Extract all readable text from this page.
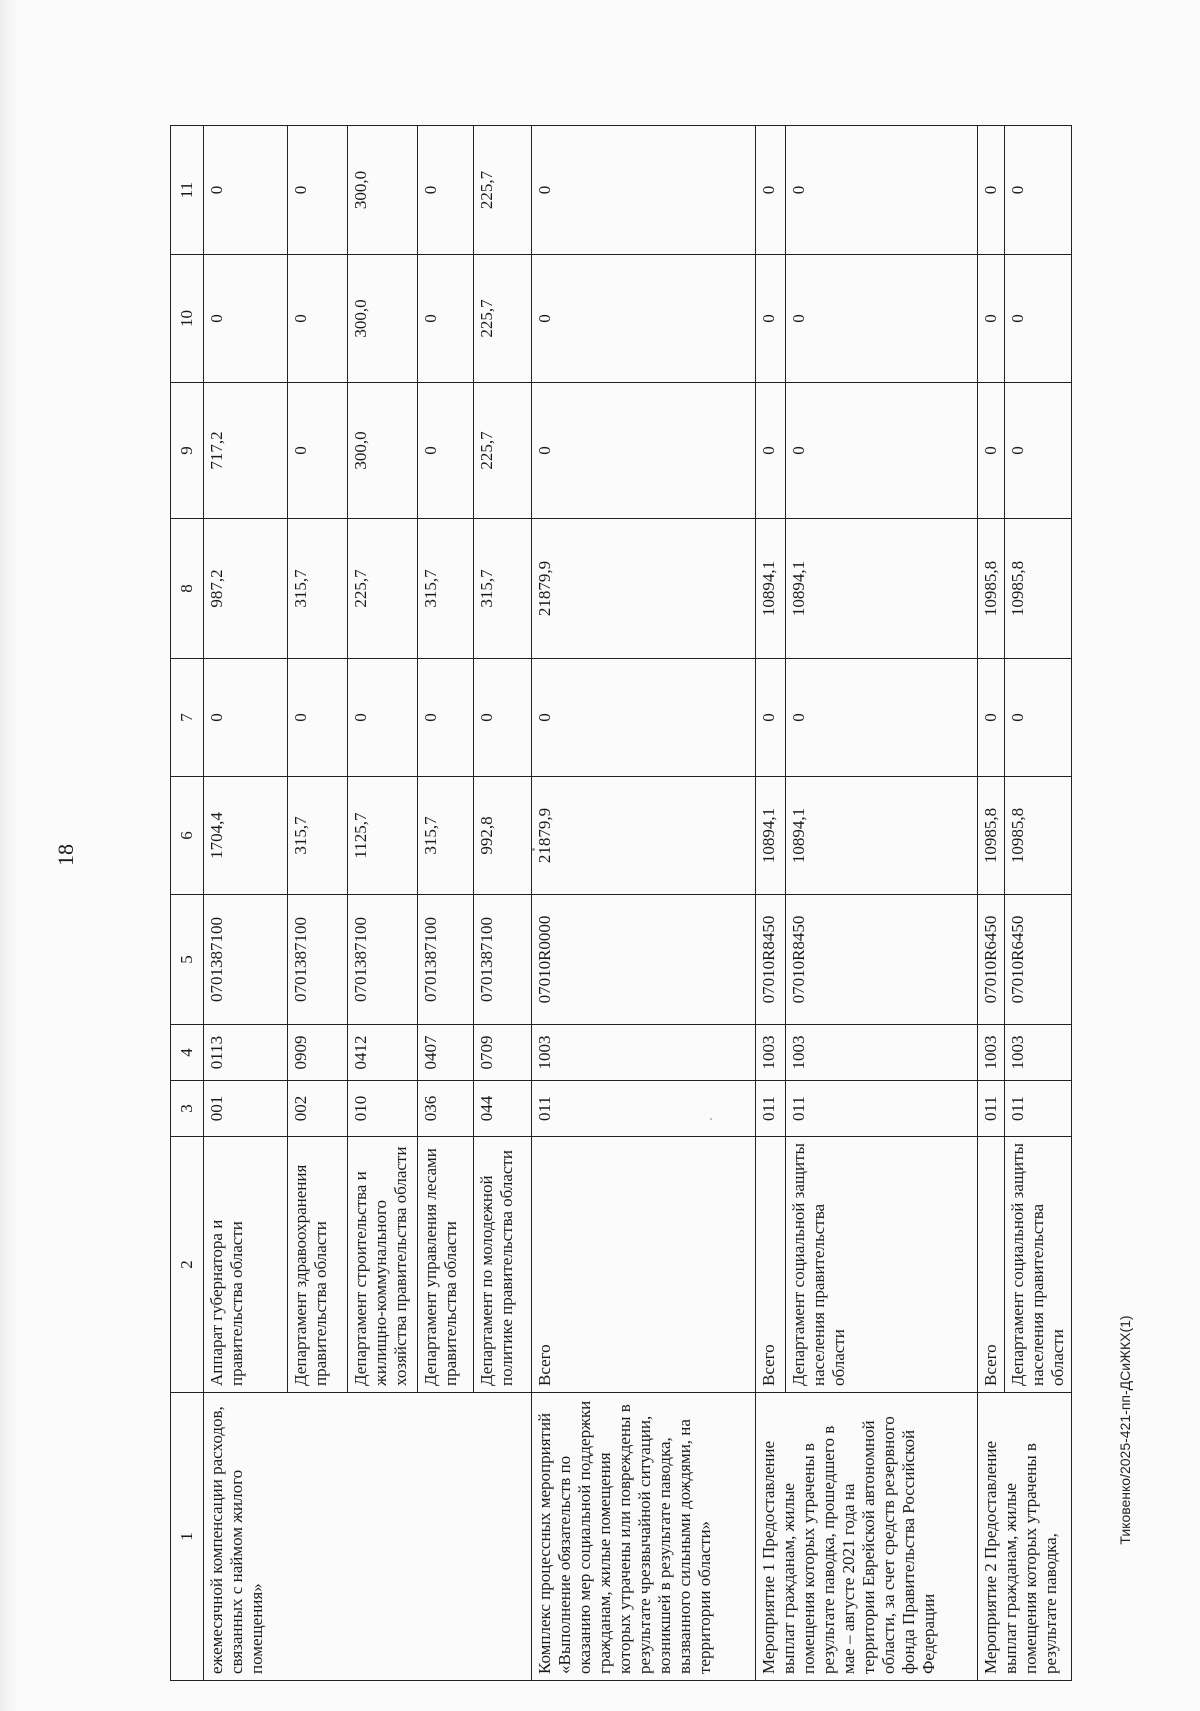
18
1	2	3	4	5	6	7	8	9	10	11
ежемесячной компенсации расходов, связанных с наймом жилого помещения»	Аппарат губернатора и правительства области	001	0113	0701387100	1704,4	0	987,2	717,2	0	0
	Департамент здравоохранения правительства области	002	0909	0701387100	315,7	0	315,7	0	0	0
	Департамент строительства и жилищно-коммунального хозяйства правительства области	010	0412	0701387100	1125,7	0	225,7	300,0	300,0	300,0
	Департамент управления лесами правительства области	036	0407	0701387100	315,7	0	315,7	0	0	0
	Департамент по молодежной политике правительства области	044	0709	0701387100	992,8	0	315,7	225,7	225,7	225,7
Комплекс процессных мероприятий «Выполнение обязательств по оказанию мер социальной поддержки гражданам, жилые помещения которых утрачены или повреждены в результате чрезвычайной ситуации, возникшей в результате паводка, вызванного сильными дождями, на территории области»	Всего	011	1003	07010R0000	21879,9	0	21879,9	0	0	0
Мероприятие 1 Предоставление выплат гражданам, жилые помещения которых утрачены в результате паводка, прошедшего в мае – августе 2021 года на территории Еврейской автономной области, за счет средств резервного фонда Правительства Российской Федерации	Всего	011	1003	07010R8450	10894,1	0	10894,1	0	0	0
	Департамент социальной защиты населения правительства области	011	1003	07010R8450	10894,1	0	10894,1	0	0	0
Мероприятие 2 Предоставление выплат гражданам, жилые помещения которых утрачены в результате паводка,	Всего	011	1003	07010R6450	10985,8	0	10985,8	0	0	0
	Департамент социальной защиты населения правительства области	011	1003	07010R6450	10985,8	0	10985,8	0	0	0
Тиковенко/2025-421-пп-ДСиЖКХ(1)
